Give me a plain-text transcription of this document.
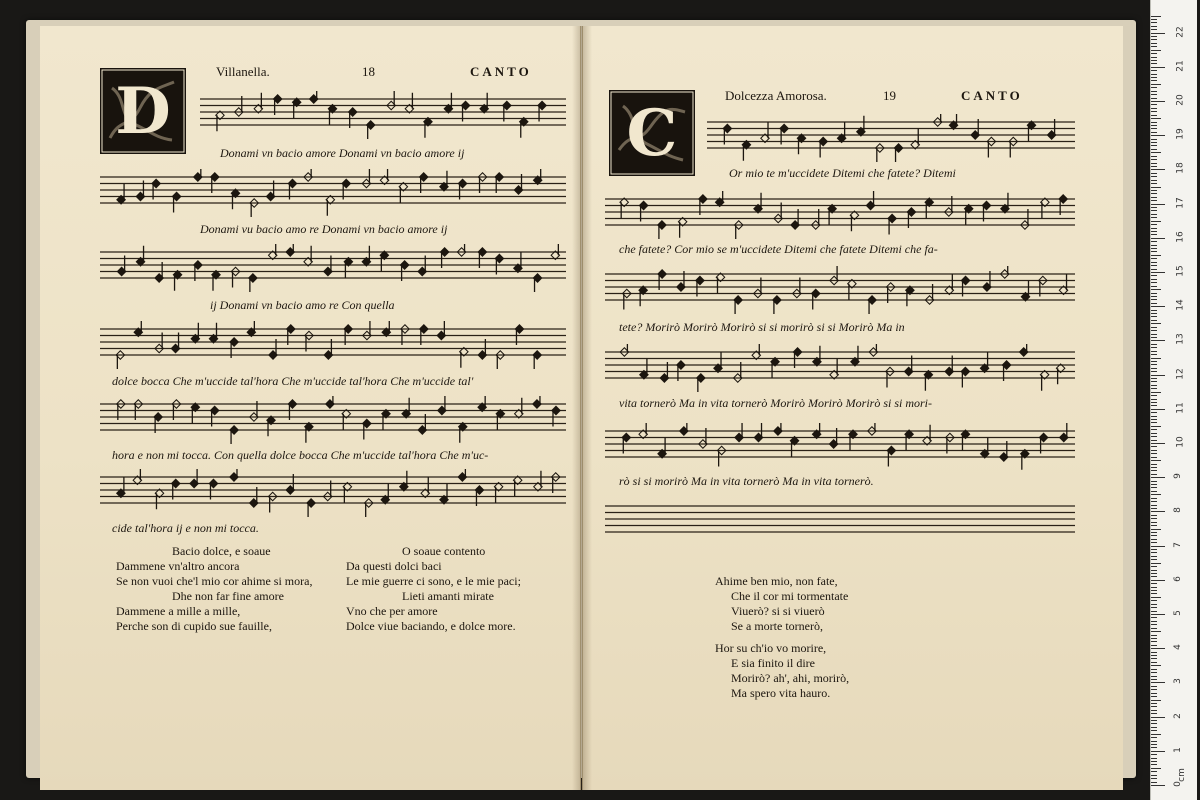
Villanella.	18	CANTO
D
Donami vn bacio amore Donami vn bacio amore ij
Donami vu bacio amo re Donami vn bacio amore ij
ij Donami vn bacio amo re Con quella
dolce bocca Che m'uccide tal'hora Che m'uccide tal'hora Che m'uccide tal'
hora e non mi tocca. Con quella dolce bocca Che m'uccide tal'hora Che m'uc-
cide tal'hora ij e non mi tocca.
Bacio dolce, e soaue
Dammene vn'altro ancora
Se non vuoi che'l mio cor ahime si mora,
Dhe non far fine amore
Dammene a mille a mille,
Perche son di cupido sue fauille,
O soaue contento
Da questi dolci baci
Le mie guerre ci sono, e le mie paci;
Lieti amanti mirate
Vno che per amore
Dolce viue baciando, e dolce more.
Dolcezza Amorosa.	19	CANTO
C
Or mio te m'uccidete Ditemi che fatete? Ditemi
che fatete? Cor mio se m'uccidete Ditemi che fatete Ditemi che fa-
tete? Morirò Morirò Morirò si si morirò si si Morirò Ma in
vita tornerò Ma in vita tornerò Morirò Morirò Morirò si si mori-
rò si si morirò Ma in vita tornerò Ma in vita tornerò.
Ahime ben mio, non fate,
Che il cor mi tormentate
Viuerò? si si viuerò
Se a morte tornerò,
Hor su ch'io vo morire,
E sia finito il dire
Morirò? ah', ahi, morirò,
Ma spero vita hauro.
0
1
2
3
4
5
6
7
8
9
10
11
12
13
14
15
16
17
18
19
20
21
22
cm
